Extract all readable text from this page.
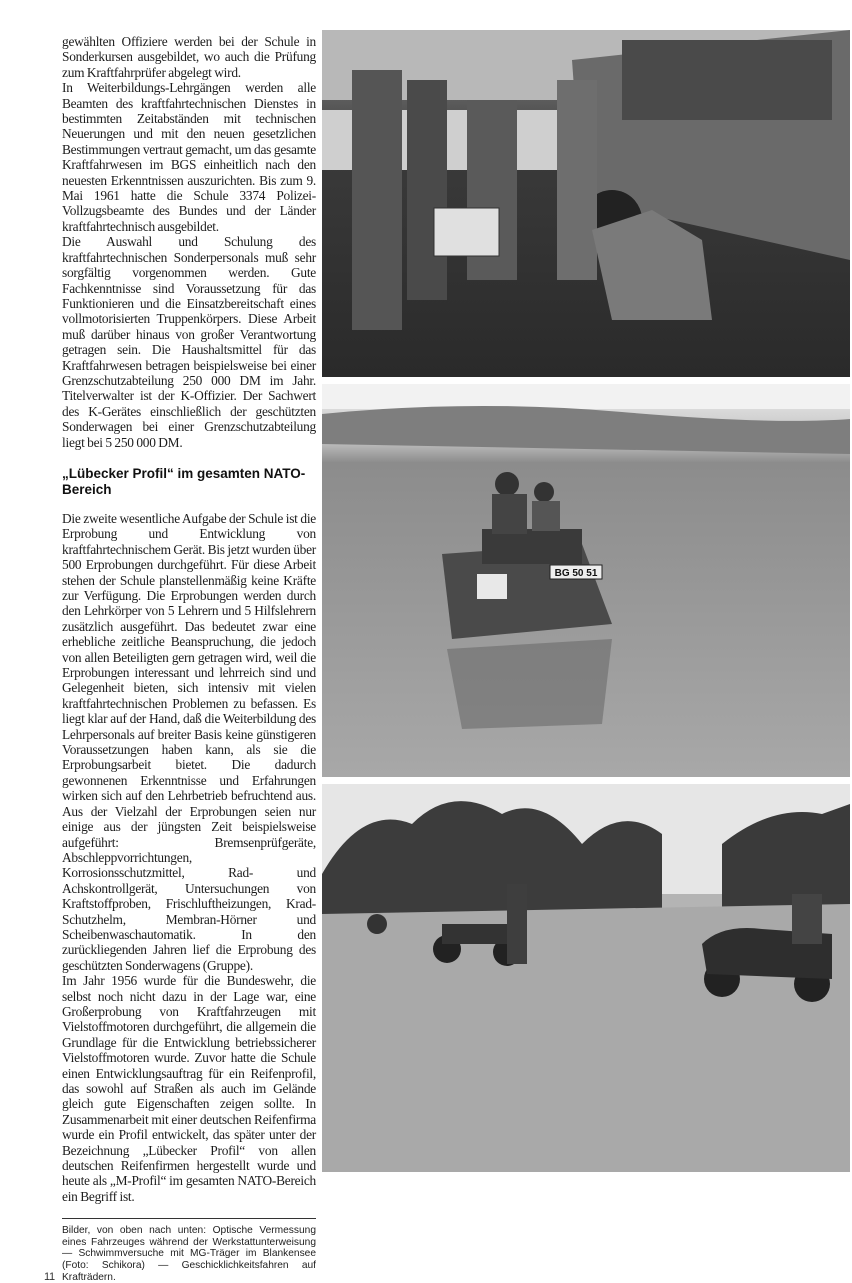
gewählten Offiziere werden bei der Schule in Sonderkursen ausgebildet, wo auch die Prüfung zum Kraftfahrprüfer abgelegt wird.

In Weiterbildungs-Lehrgängen werden alle Beamten des kraftfahrtechnischen Dienstes in bestimmten Zeitabständen mit technischen Neuerungen und mit den neuen gesetzlichen Bestimmungen vertraut gemacht, um das gesamte Kraftfahrwesen im BGS einheitlich nach den neuesten Erkenntnissen auszurichten. Bis zum 9. Mai 1961 hatte die Schule 3374 Polizei-Vollzugsbeamte des Bundes und der Länder kraftfahrtechnisch ausgebildet.

Die Auswahl und Schulung des kraftfahrtechnischen Sonderpersonals muß sehr sorgfältig vorgenommen werden. Gute Fachkenntnisse sind Voraussetzung für das Funktionieren und die Einsatzbereitschaft eines vollmotorisierten Truppenkörpers. Diese Arbeit muß darüber hinaus von großer Verantwortung getragen sein. Die Haushaltsmittel für das Kraftfahrwesen betragen beispielsweise bei einer Grenzschutzabteilung 250 000 DM im Jahr. Titelverwalter ist der K-Offizier. Der Sachwert des K-Gerätes einschließlich der geschützten Sonderwagen bei einer Grenzschutzabteilung liegt bei 5 250 000 DM.

„Lübecker Profil“ im gesamten NATO-Bereich

Die zweite wesentliche Aufgabe der Schule ist die Erprobung und Entwicklung von kraftfahrtechnischem Gerät. Bis jetzt wurden über 500 Erprobungen durchgeführt. Für diese Arbeit stehen der Schule planstellenmäßig keine Kräfte zur Verfügung. Die Erprobungen werden durch den Lehrkörper von 5 Lehrern und 5 Hilfslehrern zusätzlich ausgeführt. Das bedeutet zwar eine erhebliche zeitliche Beanspruchung, die jedoch von allen Beteiligten gern getragen wird, weil die Erprobungen interessant und lehrreich sind und Gelegenheit bieten, sich intensiv mit vielen kraftfahrtechnischen Problemen zu befassen. Es liegt klar auf der Hand, daß die Weiterbildung des Lehrpersonals auf breiter Basis keine günstigeren Voraussetzungen haben kann, als sie die Erprobungsarbeit bietet. Die dadurch gewonnenen Erkenntnisse und Erfahrungen wirken sich auf den Lehrbetrieb befruchtend aus. Aus der Vielzahl der Erprobungen seien nur einige aus der jüngsten Zeit beispielsweise aufgeführt: Bremsenprüfgeräte, Abschleppvorrichtungen, Korrosionsschutzmittel, Rad- und Achskontrollgerät, Untersuchungen von Kraftstoffproben, Frischluftheizungen, Krad-Schutzhelm, Membran-Hörner und Scheibenwaschautomatik. In den zurückliegenden Jahren lief die Erprobung des geschützten Sonderwagens (Gruppe).

Im Jahr 1956 wurde für die Bundeswehr, die selbst noch nicht dazu in der Lage war, eine Großerprobung von Kraftfahrzeugen mit Vielstoffmotoren durchgeführt, die allgemein die Grundlage für die Entwicklung betriebssicherer Vielstoffmotoren wurde. Zuvor hatte die Schule einen Entwicklungsauftrag für ein Reifenprofil, das sowohl auf Straßen als auch im Gelände gleich gute Eigenschaften zeigen sollte. In Zusammenarbeit mit einer deutschen Reifenfirma wurde ein Profil entwickelt, das später unter der Bezeichnung „Lübecker Profil“ von allen deutschen Reifenfirmen hergestellt wurde und heute als „M-Profil“ im gesamten NATO-Bereich ein Begriff ist.

Bilder, von oben nach unten: Optische Vermessung eines Fahrzeuges während der Werkstattunterweisung — Schwimmversuche mit MG-Träger im Blankensee (Foto: Schikora) — Geschicklichkeitsfahren auf Krafträdern.
11
BG 50 51
